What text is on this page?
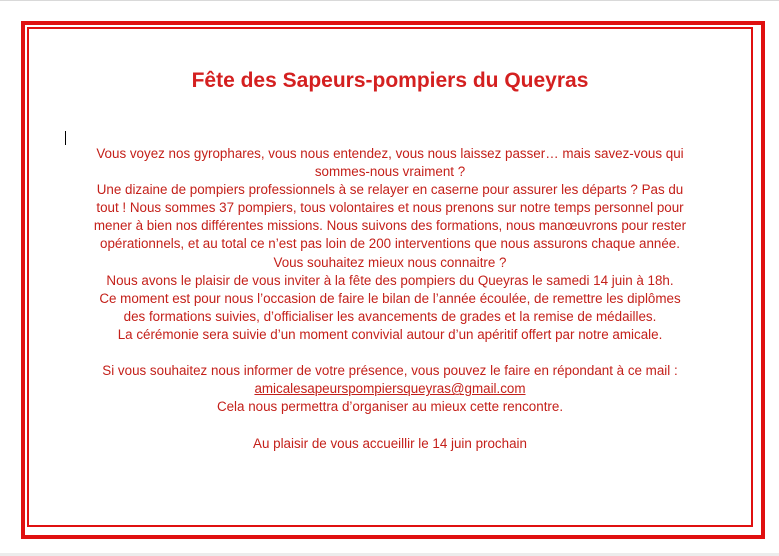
Fête des Sapeurs-pompiers du Queyras
Vous voyez nos gyrophares, vous nous entendez, vous nous laissez passer… mais savez-vous qui
sommes-nous vraiment ?
Une dizaine de pompiers professionnels à se relayer en caserne pour assurer les départs ? Pas du
tout ! Nous sommes 37 pompiers, tous volontaires et nous prenons sur notre temps personnel pour
mener à bien nos différentes missions. Nous suivons des formations, nous manœuvrons pour rester
opérationnels, et au total ce n’est pas loin de 200 interventions que nous assurons chaque année.
Vous souhaitez mieux nous connaitre ?
Nous avons le plaisir de vous inviter à la fête des pompiers du Queyras le samedi 14 juin à 18h.
Ce moment est pour nous l’occasion de faire le bilan de l’année écoulée, de remettre les diplômes
des formations suivies, d’officialiser les avancements de grades et la remise de médailles.
La cérémonie sera suivie d’un moment convivial autour d’un apéritif offert par notre amicale.
Si vous souhaitez nous informer de votre présence, vous pouvez le faire en répondant à ce mail :
amicalesapeurspompiersqueyras@gmail.com
Cela nous permettra d’organiser au mieux cette rencontre.
Au plaisir de vous accueillir le 14 juin prochain
